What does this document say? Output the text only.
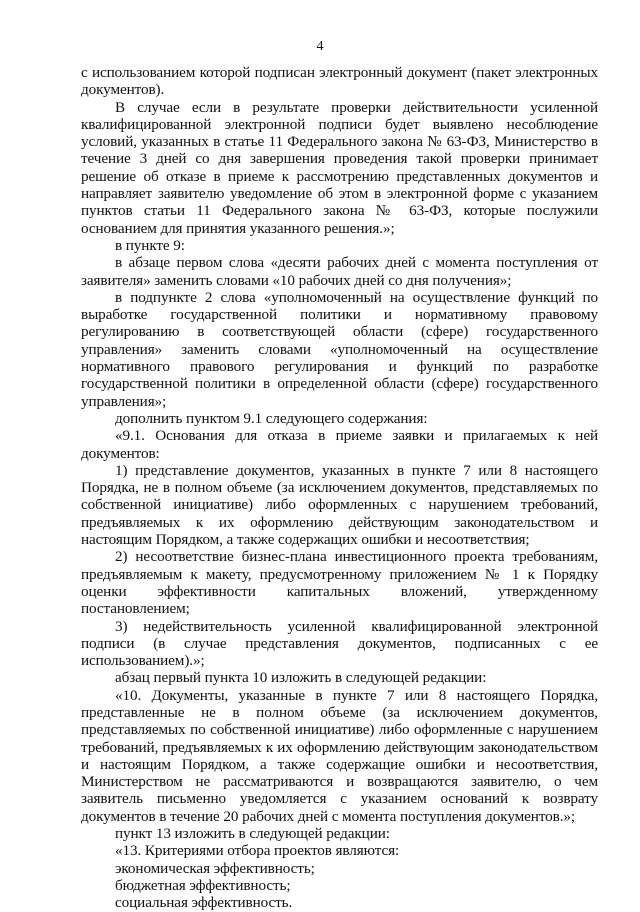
4

с использованием которой подписан электронный документ (пакет электронных документов).

В случае если в результате проверки действительности усиленной квалифицированной электронной подписи будет выявлено несоблюдение условий, указанных в статье 11 Федерального закона № 63-ФЗ, Министерство в течение 3 дней со дня завершения проведения такой проверки принимает решение об отказе в приеме к рассмотрению представленных документов и направляет заявителю уведомление об этом в электронной форме с указанием пунктов статьи 11 Федерального закона № 63-ФЗ, которые послужили основанием для принятия указанного решения.»;

в пункте 9:

в абзаце первом слова «десяти рабочих дней с момента поступления от заявителя» заменить словами «10 рабочих дней со дня получения»;

в подпункте 2 слова «уполномоченный на осуществление функций по выработке государственной политики и нормативному правовому регулированию в соответствующей области (сфере) государственного управления» заменить словами «уполномоченный на осуществление нормативного правового регулирования и функций по разработке государственной политики в определенной области (сфере) государственного управления»;

дополнить пунктом 9.1 следующего содержания:

«9.1. Основания для отказа в приеме заявки и прилагаемых к ней документов:

1) представление документов, указанных в пункте 7 или 8 настоящего Порядка, не в полном объеме (за исключением документов, представляемых по собственной инициативе) либо оформленных с нарушением требований, предъявляемых к их оформлению действующим законодательством и настоящим Порядком, а также содержащих ошибки и несоответствия;

2) несоответствие бизнес-плана инвестиционного проекта требованиям, предъявляемым к макету, предусмотренному приложением № 1 к Порядку оценки эффективности капитальных вложений, утвержденному постановлением;

3) недействительность усиленной квалифицированной электронной подписи (в случае представления документов, подписанных с ее использованием).»;

абзац первый пункта 10 изложить в следующей редакции:

«10. Документы, указанные в пункте 7 или 8 настоящего Порядка, представленные не в полном объеме (за исключением документов, представляемых по собственной инициативе) либо оформленные с нарушением требований, предъявляемых к их оформлению действующим законодательством и настоящим Порядком, а также содержащие ошибки и несоответствия, Министерством не рассматриваются и возвращаются заявителю, о чем заявитель письменно уведомляется с указанием оснований к возврату документов в течение 20 рабочих дней с момента поступления документов.»;

пункт 13 изложить в следующей редакции:

«13. Критериями отбора проектов являются:

экономическая эффективность;

бюджетная эффективность;

социальная эффективность.
